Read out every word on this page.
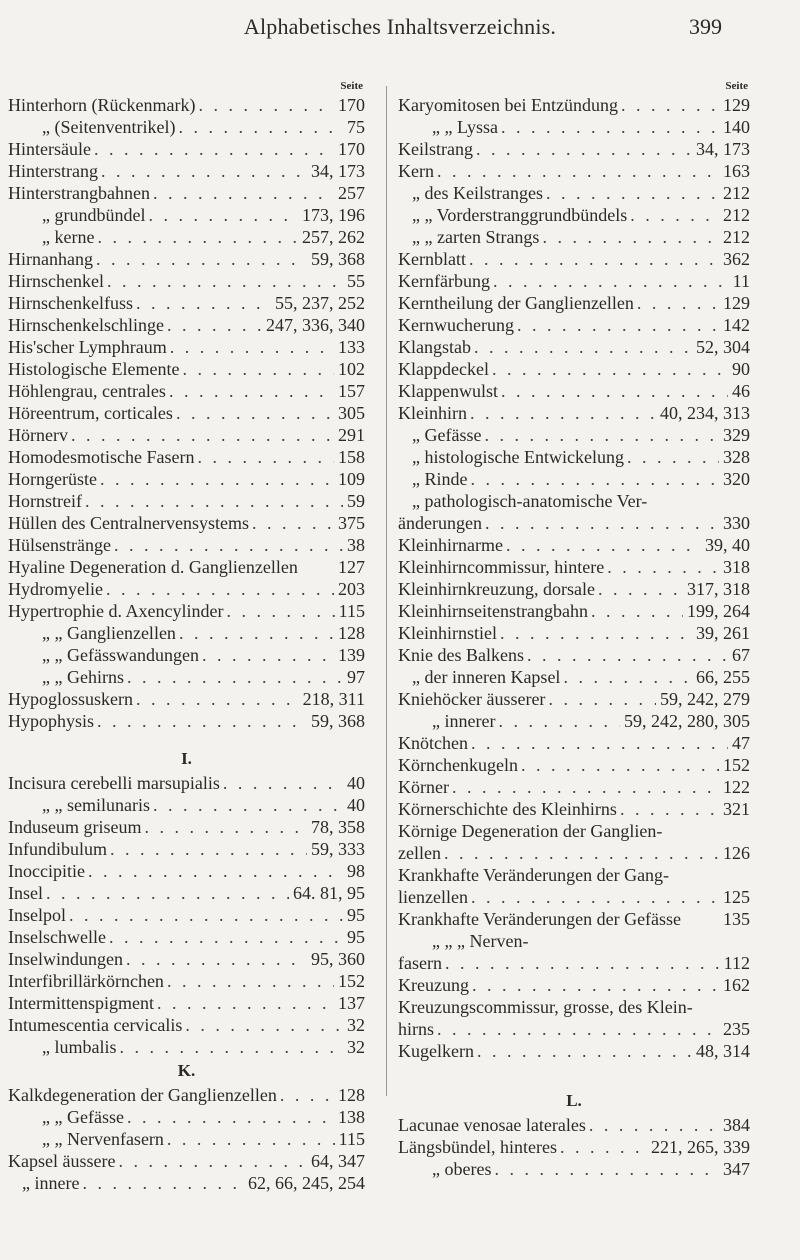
Alphabetisches Inhaltsverzeichnis.	399
Seite
Hinterhorn (Rückenmark) . . .	170
„ (Seitenventrikel) . . .	75
Hintersäule . . .	170
Hinterstrang . . .	34, 173
Hinterstrangbahnen . . .	257
„ grundbündel . . .	173, 196
„ kerne . . .	257, 262
Hirnanhang . . .	59, 368
Hirnschenkel . . .	55
Hirnschenkelfuss . . .	55, 237, 252
Hirnschenkelschlinge . . .	247, 336, 340
His'scher Lymphraum . . .	133
Histologische Elemente . . .	102
Höhlengrau, centrales . . .	157
Höreentrum, corticales . . .	305
Hörnerv . . .	291
Homodesmotische Fasern . . .	158
Horngerüste . . .	109
Hornstreif . . .	59
Hüllen des Centralnervensystems . . .	375
Hülsenstränge . . .	38
Hyaline Degeneration d. Ganglienzellen 127
Hydromyelie . . .	203
Hypertrophie d. Axencylinder . . .	115
„ „ Ganglienzellen . . .	128
„ „ Gefässwandungen . . .	139
„ „ Gehirns . . .	97
Hypoglossuskern . . .	218, 311
Hypophysis . . .	59, 368
I.
Incisura cerebelli marsupialis . . .	40
„ „ semilunaris . . .	40
Induseum griseum . . .	78, 358
Infundibulum . . .	59, 333
Inoccipitie . . .	98
Insel . . .	64. 81, 95
Inselpol . . .	95
Inselschwelle . . .	95
Inselwindungen . . .	95, 360
Interfibrillärkörnchen . . .	152
Intermittenspigment . . .	137
Intumescentia cervicalis . . .	32
„ lumbalis . . .	32
K.
Kalkdegeneration der Ganglienzellen . . .	128
„ „ Gefässe . . .	138
„ „ Nervenfasern . . .	115
Kapsel äussere . . .	64, 347
„ innere . . .	62, 66, 245, 254
Seite
Karyomitosen bei Entzündung . . .	129
„ „ Lyssa . . .	140
Keilstrang . . .	34, 173
Kern . . .	163
„ des Keilstranges . . .	212
„ „ Vorderstranggrundbündels . . .	212
„ „ zarten Strangs . . .	212
Kernblatt . . .	362
Kernfärbung . . .	11
Kerntheilung der Ganglienzellen . . .	129
Kernwucherung . . .	142
Klangstab . . .	52, 304
Klappdeckel . . .	90
Klappenwulst . . .	46
Kleinhirn . . .	40, 234, 313
„ Gefässe . . .	329
„ histologische Entwickelung . . .	328
„ Rinde . . .	320
„ pathologisch-anatomische Ver-
änderungen . . .	330
Kleinhirnarme . . .	39, 40
Kleinhirncommissur, hintere . . .	318
Kleinhirnkreuzung, dorsale . . .	317, 318
Kleinhirnseitenstrangbahn . . .	199, 264
Kleinhirnstiel . . .	39, 261
Knie des Balkens . . .	67
„ der inneren Kapsel . . .	66, 255
Kniehöcker äusserer . . .	59, 242, 279
„ innerer . . .	59, 242, 280, 305
Knötchen . . .	47
Körnchenkugeln . . .	152
Körner . . .	122
Körnerschichte des Kleinhirns . . .	321
Körnige Degeneration der Ganglien-
zellen . . .	126
Krankhafte Veränderungen der Gang-
lienzellen . . .	125
Krankhafte Veränderungen der Gefässe 135
„ „ „ Nerven-
fasern . . .	112
Kreuzung . . .	162
Kreuzungscommissur, grosse, des Klein-
hirns . . .	235
Kugelkern . . .	48, 314
L.
Lacunae venosae laterales . . .	384
Längsbündel, hinteres . . .	221, 265, 339
„ oberes . . .	347
